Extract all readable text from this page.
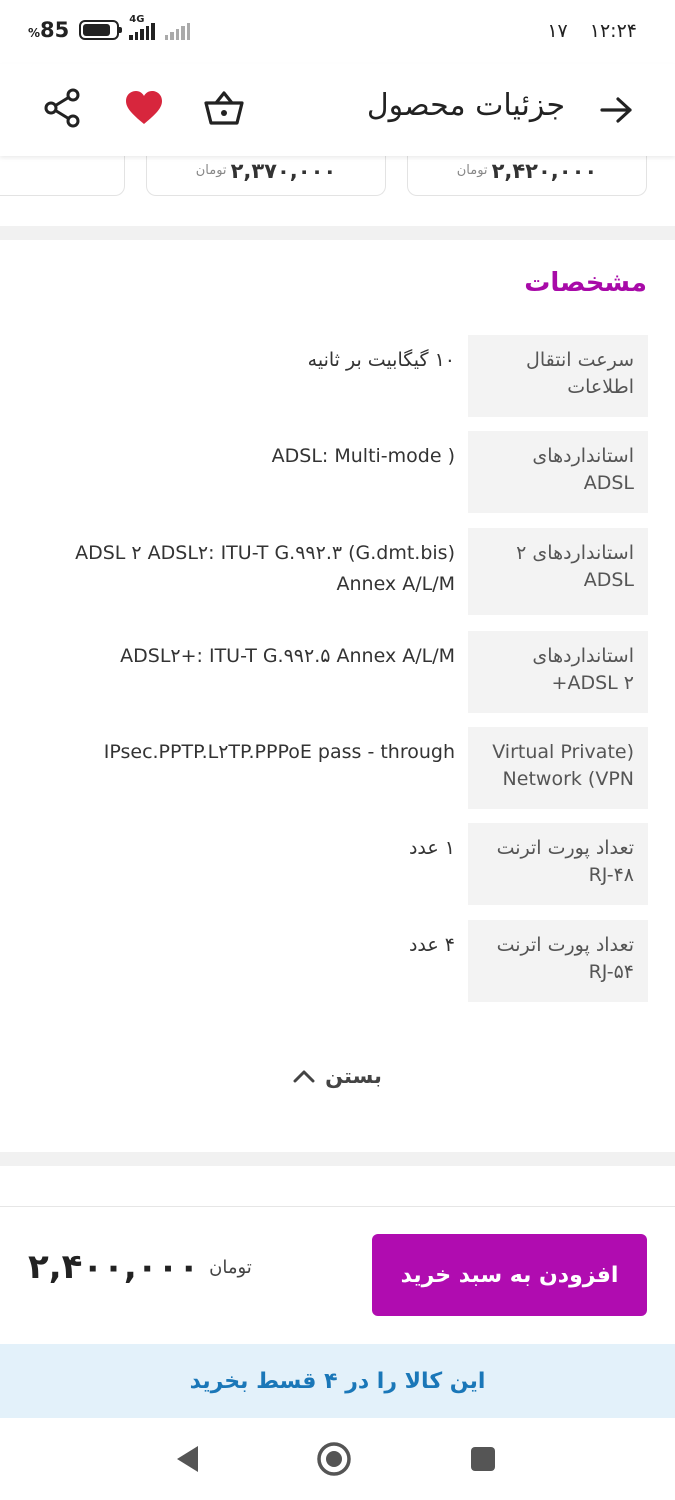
%85	4G
۱۲:۲۴
۱۷
جزئیات محصول
۲,۴۲۰,۰۰۰
تومان
۲,۳۷۰,۰۰۰
تومان
مشخصات
سرعت انتقال اطلاعات
۱۰ گیگابیت بر ثانیه
استانداردهای ADSL
ADSL: Multi-mode )
استانداردهای ۲ ADSL
ADSL ۲ ADSL۲: ITU-T G.۹۹۲.۳ (G.dmt.bis) Annex A/L/M
استانداردهای ADSL ۲+
ADSL۲+: ITU-T G.۹۹۲.۵ Annex A/L/M
Virtual Private) Network (VPN
IPsec.PPTP.L۲TP.PPPoE pass - through
تعداد پورت اترنت RJ-۴۸
۱ عدد
تعداد پورت اترنت RJ-۵۴
۴ عدد
بستن
افزودن به سبد خرید
تومان
۲,۴۰۰,۰۰۰
این کالا را در ۴ قسط بخرید
